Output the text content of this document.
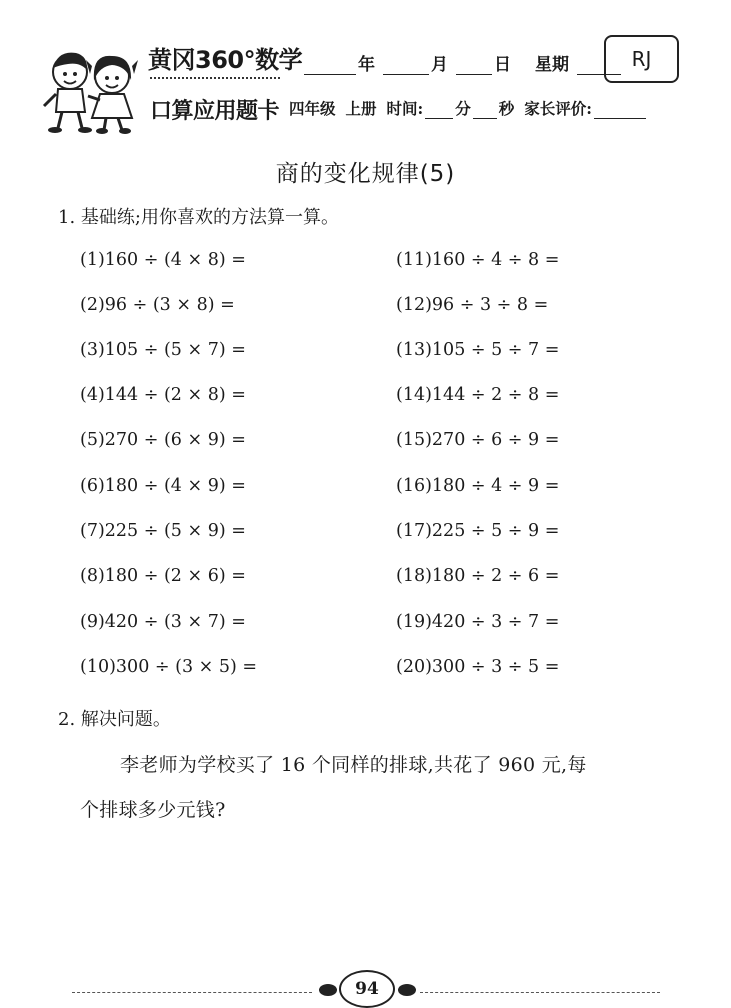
黄冈360°数学
口算应用题卡
年	月	日 星期	RJ
四年级 上册 时间: 分 秒 家长评价:
商的变化规律(5)
1. 基础练;用你喜欢的方法算一算。
(1)160 ÷ (4 × 8) =
(2)96 ÷ (3 × 8) =
(3)105 ÷ (5 × 7) =
(4)144 ÷ (2 × 8) =
(5)270 ÷ (6 × 9) =
(6)180 ÷ (4 × 9) =
(7)225 ÷ (5 × 9) =
(8)180 ÷ (2 × 6) =
(9)420 ÷ (3 × 7) =
(10)300 ÷ (3 × 5) =
(11)160 ÷ 4 ÷ 8 =
(12)96 ÷ 3 ÷ 8 =
(13)105 ÷ 5 ÷ 7 =
(14)144 ÷ 2 ÷ 8 =
(15)270 ÷ 6 ÷ 9 =
(16)180 ÷ 4 ÷ 9 =
(17)225 ÷ 5 ÷ 9 =
(18)180 ÷ 2 ÷ 6 =
(19)420 ÷ 3 ÷ 7 =
(20)300 ÷ 3 ÷ 5 =
2. 解决问题。
李老师为学校买了 16 个同样的排球,共花了 960 元,每
个排球多少元钱?
94
